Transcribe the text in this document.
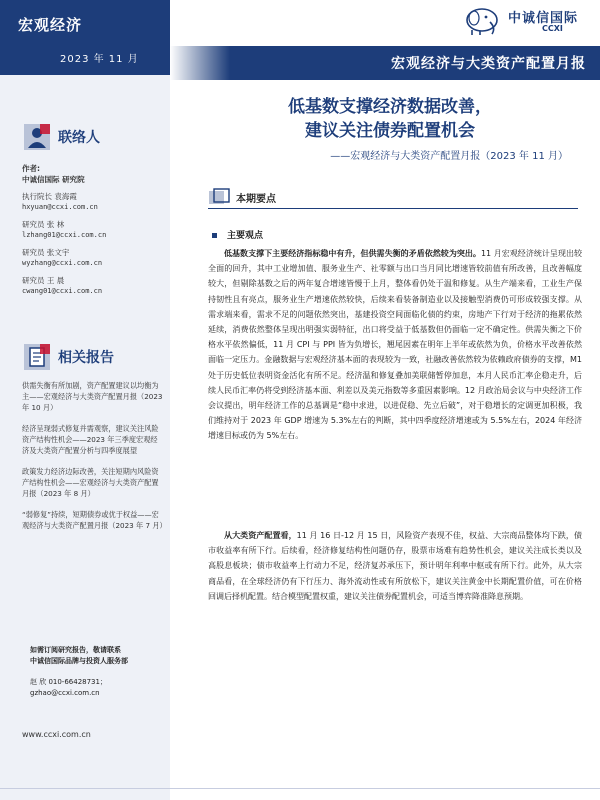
宏观经济
2023 年 11 月
中诚信国际
CCXI
宏观经济与大类资产配置月报
联络人
作者:
中诚信国际 研究院
执行院长 袁海霞
hxyuan@ccxi.com.cn
研究员 张 林
lzhang01@ccxi.com.cn
研究员 张文宇
wyzhang@ccxi.com.cn
研究员 王 晨
cwang01@ccxi.com.cn
相关报告
供需失衡有所加剧，资产配置建议以均衡为主——宏观经济与大类资产配置月报（2023 年 10 月）
经济呈现弱式修复并需观察，建议关注风险资产结构性机会——2023 年三季度宏观经济及大类资产配置分析与四季度展望
政策发力经济边际改善，关注短期内风险资产结构性机会——宏观经济与大类资产配置月报（2023 年 8 月）
“弱修复”持续，短期债券或优于权益——宏观经济与大类资产配置月报（2023 年 7 月）
如需订阅研究报告，敬请联系
中诚信国际品牌与投资人服务部
赵 欣 010-66428731；
gzhao@ccxi.com.cn
www.ccxi.com.cn
低基数支撑经济数据改善，
建议关注债券配置机会
——宏观经济与大类资产配置月报（2023 年 11 月）
本期要点
主要观点
低基数支撑下主要经济指标稳中有升，但供需失衡的矛盾依然较为突出。11 月宏观经济统计呈现出较全面的回升，其中工业增加值、服务业生产、社零额与出口当月同比增速皆较前值有所改善，且改善幅度较大，但剔除基数之后的两年复合增速皆慢于上月，整体看仍处于温和修复。从生产端来看，工业生产保持韧性且有亮点，服务业生产增速依然较快，后续来看装备制造业以及接触型消费仍可形成较强支撑。从需求端来看，需求不足的问题依然突出，基建投资空间面临化债的约束，房地产下行对于经济的拖累依然延续，消费依然整体呈现出明强实弱特征，出口将受益于低基数但仍面临一定不确定性。供需失衡之下价格水平依然偏低，11 月 CPI 与 PPI 皆为负增长，翘尾因素在明年上半年或依然为负，价格水平改善依然面临一定压力。金融数据与宏观经济基本面的表现较为一致，社融改善依然较为依赖政府债券的支撑，M1 处于历史低位表明资金活化有所不足。经济温和修复叠加美联储暂停加息，本月人民币汇率企稳走升，后续人民币汇率仍将受到经济基本面、利差以及美元指数等多重因素影响。12 月政治局会议与中央经济工作会议提出，明年经济工作的总基调是“稳中求进，以进促稳、先立后破”，对于稳增长的定调更加积极，我们维持对于 2023 年 GDP 增速为 5.3%左右的判断，其中四季度经济增速或为 5.5%左右，2024 年经济增速目标或仍为 5%左右。
从大类资产配置看，11 月 16 日-12 月 15 日，风险资产表现不佳，权益、大宗商品整体均下跌，债市收益率有所下行。后续看，经济修复结构性问题仍存，股票市场难有趋势性机会，建议关注成长类以及高股息板块；债市收益率上行动力不足，经济复苏承压下，预计明年利率中枢或有所下行。此外，从大宗商品看，在全球经济仍有下行压力、海外流动性或有所放松下，建议关注黄金中长期配置价值，可在价格回调后择机配置。结合模型配置权重，建议关注债券配置机会，可适当博弈降准降息预期。
